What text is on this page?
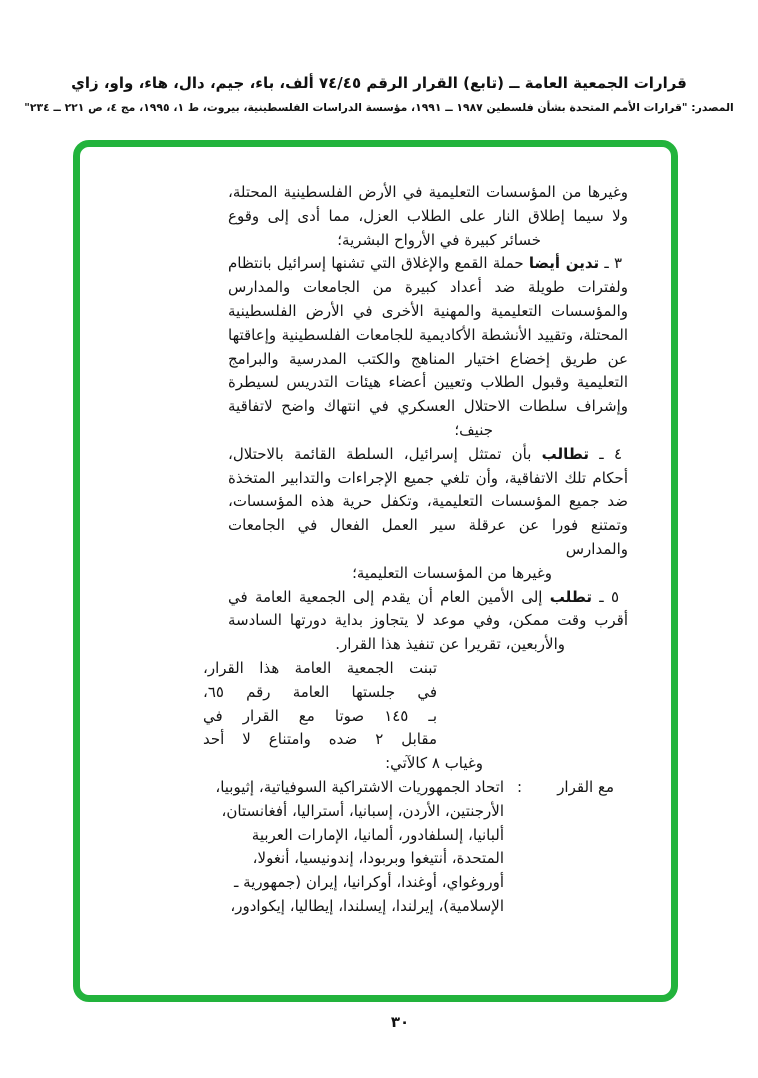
قرارات الجمعية العامة ــ (تابع) القرار الرقم ٧٤/٤٥ ألف، باء، جيم، دال، هاء، واو، زاي
المصدر: "قرارات الأمم المتحدة بشأن فلسطين ١٩٨٧ ــ ١٩٩١، مؤسسة الدراسات الفلسطينية، بيروت، ط ١، ١٩٩٥، مج ٤، ص ٢٢١ ــ ٢٣٤"
وغيرها من المؤسسات التعليمية في الأرض الفلسطينية المحتلة،
ولا سيما إطلاق النار على الطلاب العزل، مما أدى إلى وقوع
خسائر كبيرة في الأرواح البشرية؛
٣ ـ تدين أيضا حملة القمع والإغلاق التي تشنها إسرائيل بانتظام
ولفترات طويلة ضد أعداد كبيرة من الجامعات والمدارس
والمؤسسات التعليمية والمهنية الأخرى في الأرض الفلسطينية
المحتلة، وتقييد الأنشطة الأكاديمية للجامعات الفلسطينية وإعاقتها
عن طريق إخضاع اختيار المناهج والكتب المدرسية والبرامج
التعليمية وقبول الطلاب وتعيين أعضاء هيئات التدريس لسيطرة
وإشراف سلطات الاحتلال العسكري في انتهاك واضح لاتفاقية
جنيف؛
٤ ـ تطالب بأن تمتثل إسرائيل، السلطة القائمة بالاحتلال،
أحكام تلك الاتفاقية، وأن تلغي جميع الإجراءات والتدابير المتخذة
ضد جميع المؤسسات التعليمية، وتكفل حرية هذه المؤسسات،
وتمتنع فورا عن عرقلة سير العمل الفعال في الجامعات والمدارس
وغيرها من المؤسسات التعليمية؛
٥ ـ تطلب إلى الأمين العام أن يقدم إلى الجمعية العامة في
أقرب وقت ممكن، وفي موعد لا يتجاوز بداية دورتها السادسة
والأربعين، تقريرا عن تنفيذ هذا القرار.
تبنت الجمعية العامة هذا القرار،
في جلستها العامة رقم ٦٥،
بـ ١٤٥ صوتا مع القرار في
مقابل ٢ ضده وامتناع لا أحد
وغياب ٨ كالآتي:
مع القرار
:
اتحاد الجمهوريات الاشتراكية السوفياتية، إثيوبيا،
الأرجنتين، الأردن، إسبانيا، أستراليا، أفغانستان،
ألبانيا، إلسلفادور، ألمانيا، الإمارات العربية
المتحدة، أنتيغوا وبربودا، إندونيسيا، أنغولا،
أوروغواي، أوغندا، أوكرانيا، إيران (جمهورية ـ
الإسلامية)، إيرلندا، إيسلندا، إيطاليا، إيكوادور،
٣٠
